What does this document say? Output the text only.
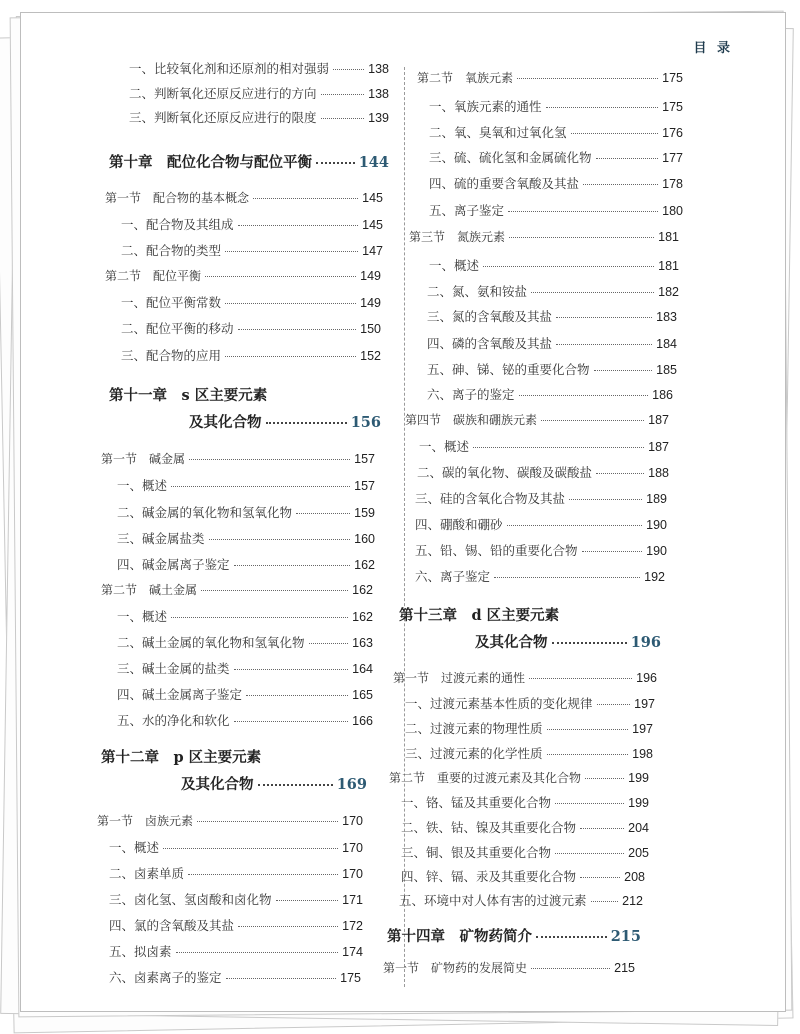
目 录
一、比较氧化剂和还原剂的相对强弱	138
二、判断氧化还原反应进行的方向	138
三、判断氧化还原反应进行的限度	139
第十章　配位化合物与配位平衡	144
第一节　配合物的基本概念	145
一、配合物及其组成	145
二、配合物的类型	147
第二节　配位平衡	149
一、配位平衡常数	149
二、配位平衡的移动	150
三、配合物的应用	152
第十一章　s 区主要元素
及其化合物	156
第一节　碱金属	157
一、概述	157
二、碱金属的氧化物和氢氧化物	159
三、碱金属盐类	160
四、碱金属离子鉴定	162
第二节　碱土金属	162
一、概述	162
二、碱土金属的氧化物和氢氧化物	163
三、碱土金属的盐类	164
四、碱土金属离子鉴定	165
五、水的净化和软化	166
第十二章　p 区主要元素
及其化合物	169
第一节　卤族元素	170
一、概述	170
二、卤素单质	170
三、卤化氢、氢卤酸和卤化物	171
四、氯的含氧酸及其盐	172
五、拟卤素	174
六、卤素离子的鉴定	175
第二节　氧族元素	175
一、氧族元素的通性	175
二、氧、臭氧和过氧化氢	176
三、硫、硫化氢和金属硫化物	177
四、硫的重要含氧酸及其盐	178
五、离子鉴定	180
第三节　氮族元素	181
一、概述	181
二、氮、氨和铵盐	182
三、氮的含氧酸及其盐	183
四、磷的含氧酸及其盐	184
五、砷、锑、铋的重要化合物	185
六、离子的鉴定	186
第四节　碳族和硼族元素	187
一、概述	187
二、碳的氧化物、碳酸及碳酸盐	188
三、硅的含氧化合物及其盐	189
四、硼酸和硼砂	190
五、铅、锡、铅的重要化合物	190
六、离子鉴定	192
第十三章　d 区主要元素
及其化合物	196
第一节　过渡元素的通性	196
一、过渡元素基本性质的变化规律	197
二、过渡元素的物理性质	197
三、过渡元素的化学性质	198
第二节　重要的过渡元素及其化合物	199
一、铬、锰及其重要化合物	199
二、铁、钴、镍及其重要化合物	204
三、铜、银及其重要化合物	205
四、锌、镉、汞及其重要化合物	208
五、环境中对人体有害的过渡元素	212
第十四章　矿物药简介	215
第一节　矿物药的发展简史	215
